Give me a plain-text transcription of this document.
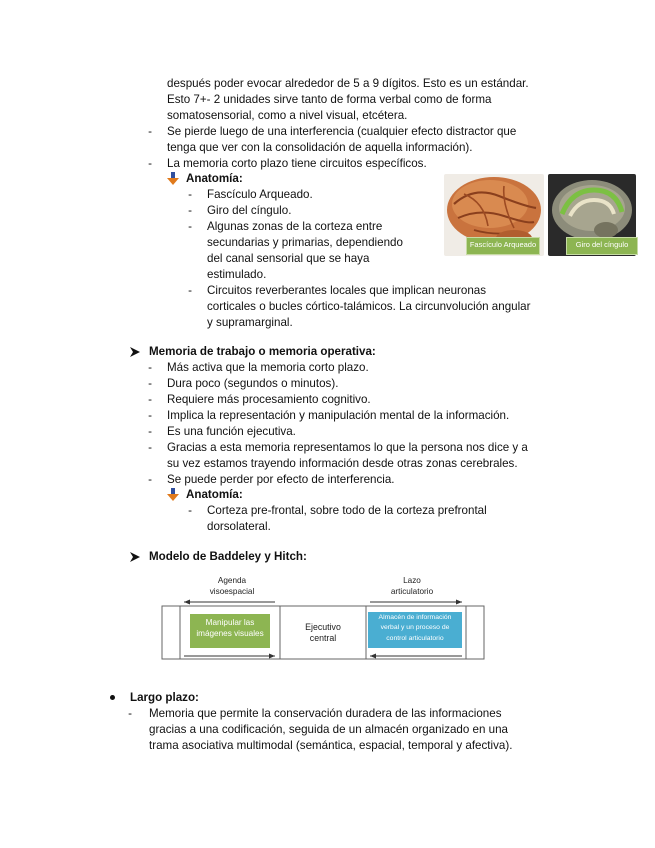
después poder evocar alrededor de 5 a 9 dígitos. Esto es un estándar.
Esto 7+- 2 unidades sirve tanto de forma verbal como de forma
somatosensorial, como a nivel visual, etcétera.
- Se pierde luego de una interferencia (cualquier efecto distractor que
tenga que ver con la consolidación de aquella información).
- La memoria corto plazo tiene circuitos específicos.
Anatomía:
- Fascículo Arqueado.
- Giro del cíngulo.
- Algunas zonas de la corteza entre
secundarias y primarias, dependiendo
del canal sensorial que se haya
estimulado.
- Circuitos reverberantes locales que implican neuronas
corticales o bucles córtico-talámicos. La circunvolución angular
y supramarginal.
Fascículo Arqueado	Giro del cíngulo
Memoria de trabajo o memoria operativa:
- Más activa que la memoria corto plazo.
- Dura poco (segundos o minutos).
- Requiere más procesamiento cognitivo.
- Implica la representación y manipulación mental de la información.
- Es una función ejecutiva.
- Gracias a esta memoria representamos lo que la persona nos dice y a
su vez estamos trayendo información desde otras zonas cerebrales.
- Se puede perder por efecto de interferencia.
Anatomía:
- Corteza pre-frontal, sobre todo de la corteza prefrontal
dorsolateral.
Modelo de Baddeley y Hitch:
Agenda
visoespacial
Lazo
articulatorio
Manipular las
imágenes visuales
Ejecutivo
central
Almacén de información
verbal y un proceso de
control articulatorio
Largo plazo:
- Memoria que permite la conservación duradera de las informaciones
gracias a una codificación, seguida de un almacén organizado en una
trama asociativa multimodal (semántica, espacial, temporal y afectiva).
